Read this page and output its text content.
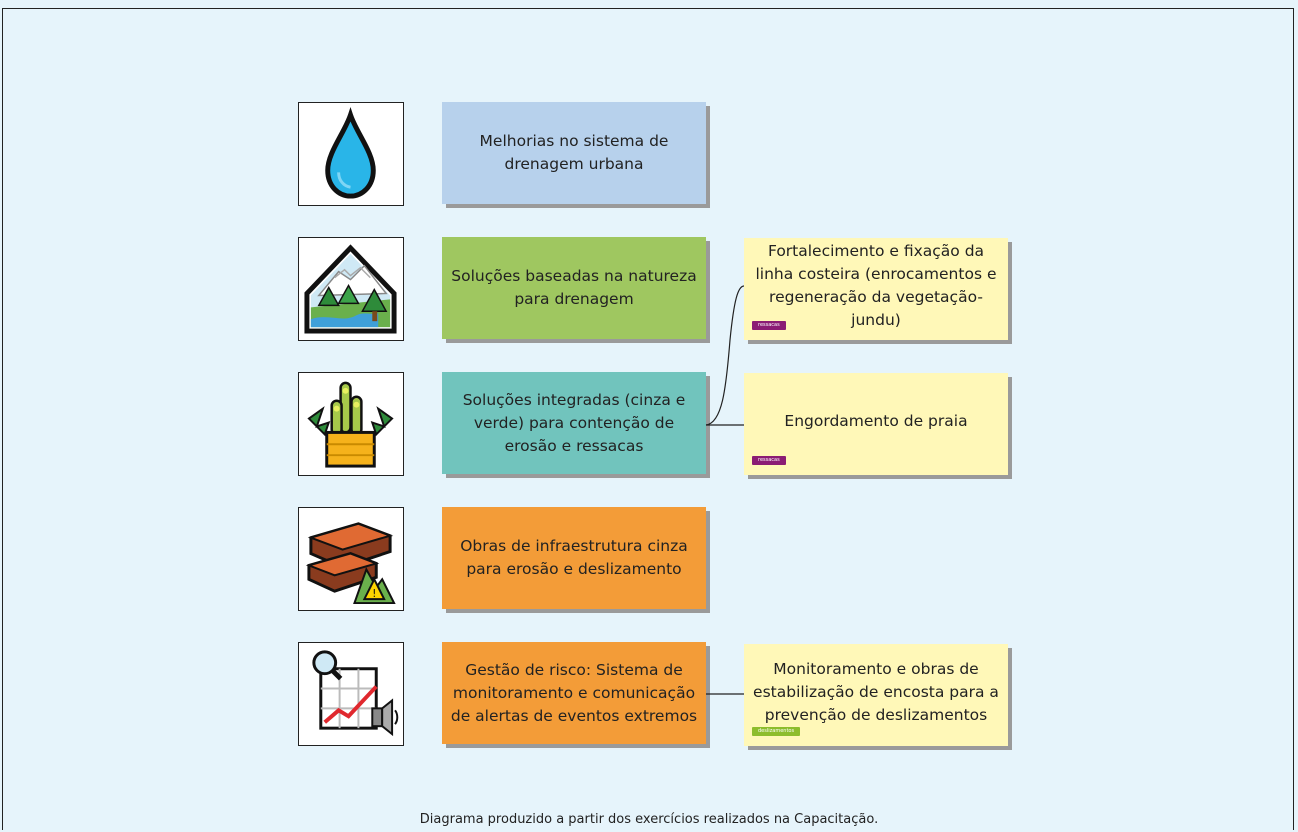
!
Melhorias no sistema de drenagem urbana
Soluções baseadas na natureza para drenagem
Soluções integradas (cinza e verde) para contenção de erosão e ressacas
Obras de infraestrutura cinza para erosão e deslizamento
Gestão de risco: Sistema de monitoramento e comunicação de alertas de eventos extremos
Fortalecimento e fixação da linha costeira (enrocamentos e regeneração da vegetação-jundu)
ressacas
Engordamento de praia
ressacas
Monitoramento e obras de estabilização de encosta para a prevenção de deslizamentos
deslizamentos
Diagrama produzido a partir dos exercícios realizados na Capacitação.
